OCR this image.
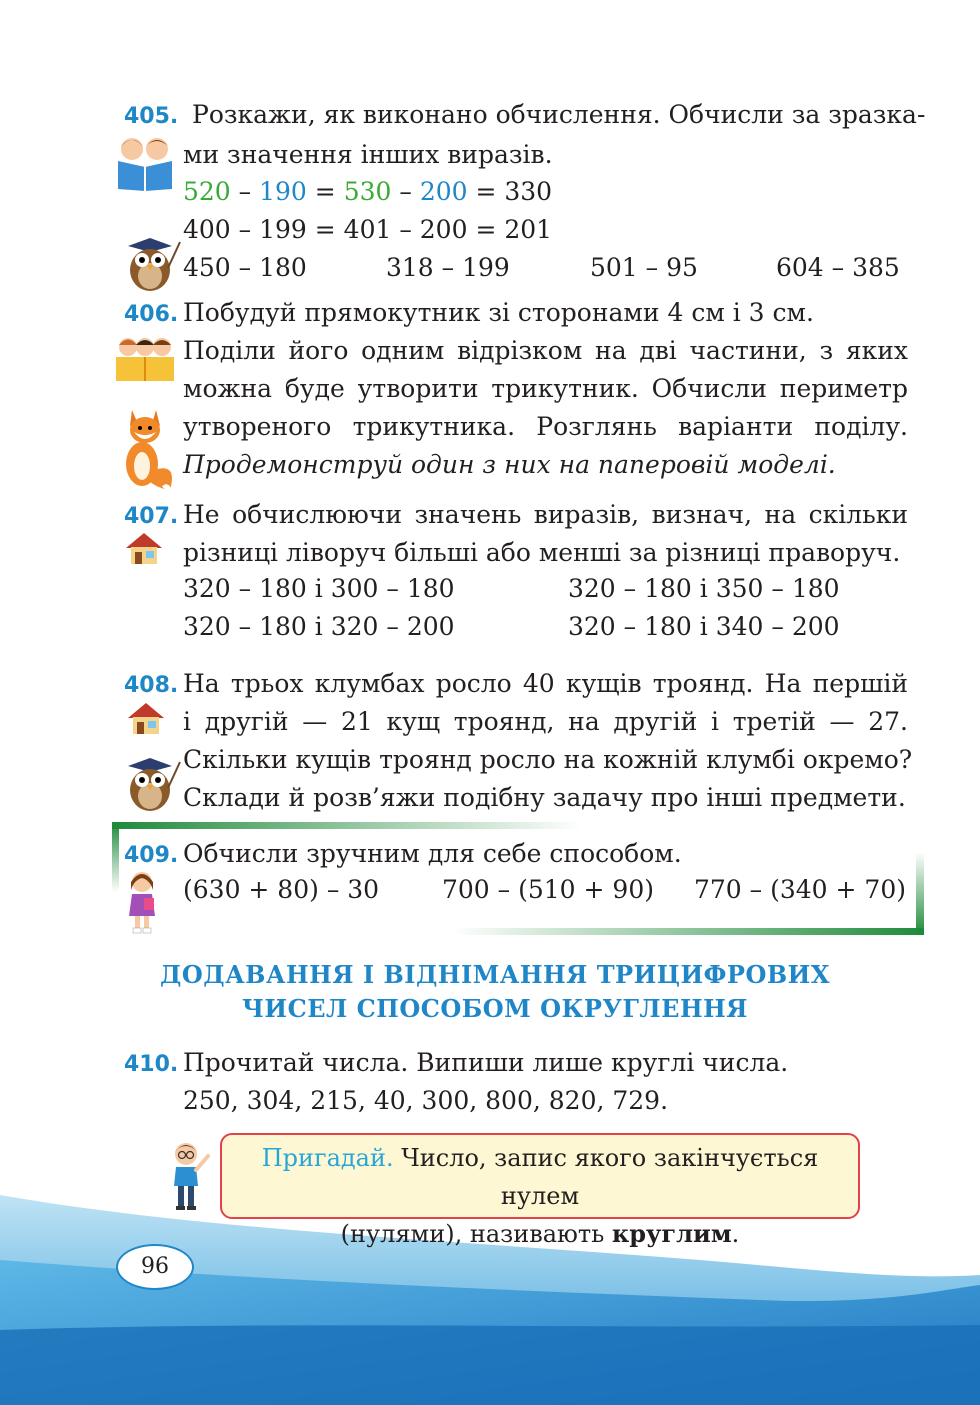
405. Розкажи, як виконано обчислення. Обчисли за зразка-
ми значення інших виразів.
520 – 190 = 530 – 200 = 330
400 – 199 = 401 – 200 = 201
450 – 180	318 – 199	501 – 95	604 – 385
406. Побудуй прямокутник зі сторонами 4 см і 3 см.
Поділи його одним відрізком на дві частини, з яких
можна буде утворити трикутник. Обчисли периметр
утвореного трикутника. Розглянь варіанти поділу.
Продемонструй один з них на паперовій моделі.
407. Не обчислюючи значень виразів, визнач, на скільки
різниці ліворуч більші або менші за різниці праворуч.
320 – 180 і 300 – 180	320 – 180 і 350 – 180
320 – 180 і 320 – 200	320 – 180 і 340 – 200
408. На трьох клумбах росло 40 кущів троянд. На першій
і другій — 21 кущ троянд, на другій і третій — 27.
Скільки кущів троянд росло на кожній клумбі окремо?
Склади й розв’яжи подібну задачу про інші предмети.
409. Обчисли зручним для себе способом.
(630 + 80) – 30	700 – (510 + 90) 770 – (340 + 70)
ДОДАВАННЯ І ВІДНІМАННЯ ТРИЦИФРОВИХ
ЧИСЕЛ СПОСОБОМ ОКРУГЛЕННЯ
410. Прочитай числа. Випиши лише круглі числа.
250, 304, 215, 40, 300, 800, 820, 729.
Пригадай. Число, запис якого закінчується нулем
(нулями), називають круглим.
96
